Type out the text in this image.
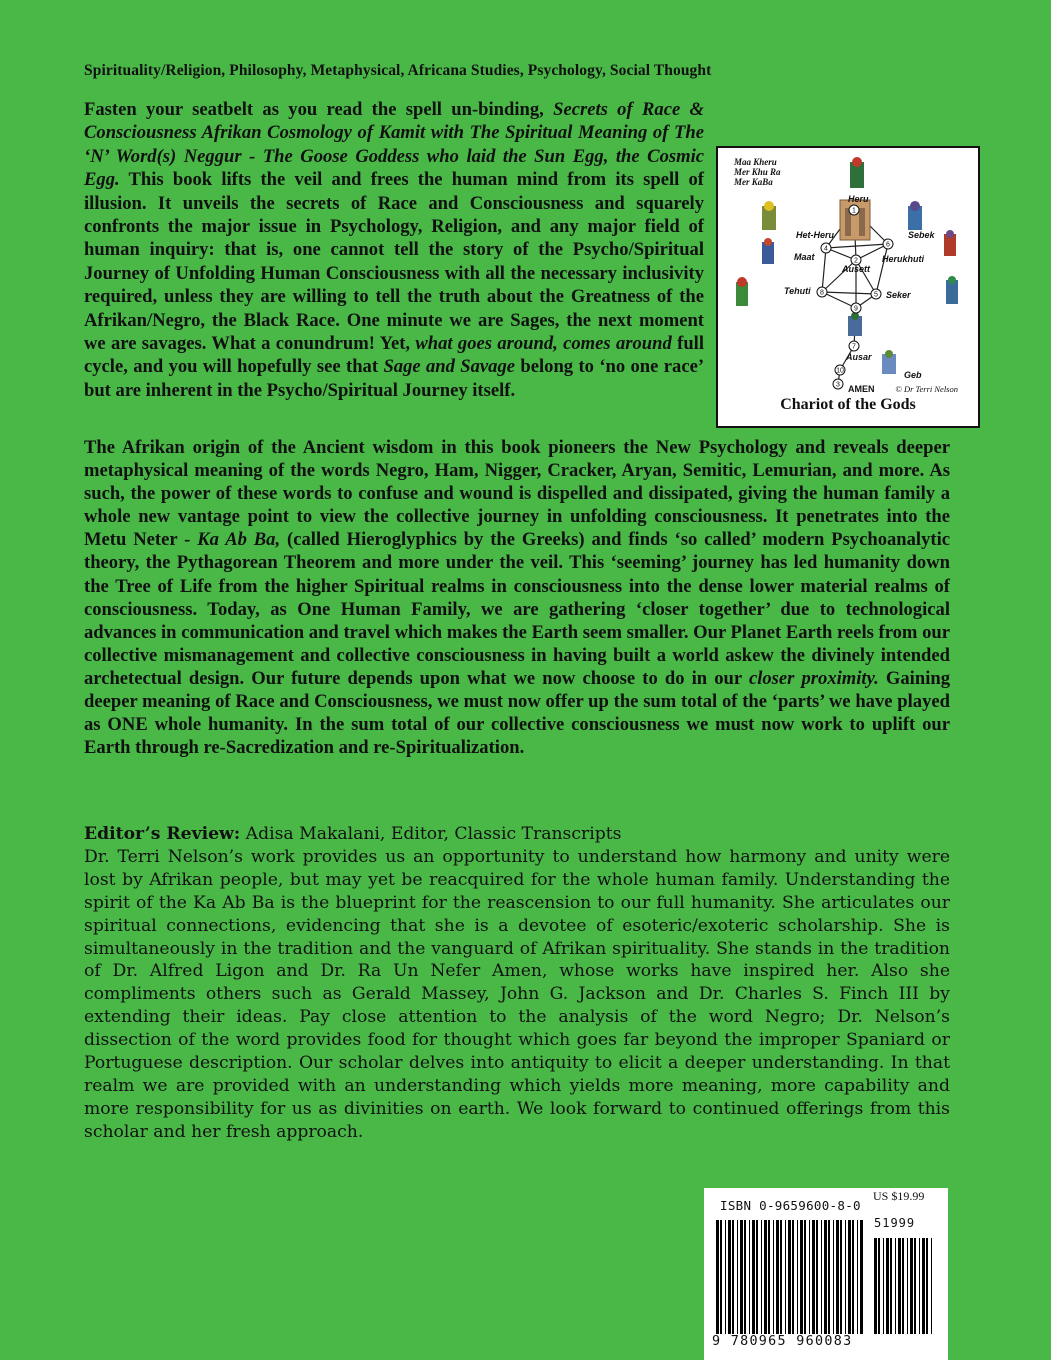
Spirituality/Religion, Philosophy, Metaphysical, Africana Studies, Psychology, Social Thought
Fasten your seatbelt as you read the spell un-binding, Secrets of Race & Consciousness Afrikan Cosmology of Kamit with The Spiritual Meaning of The ‘N’ Word(s) Neggur - The Goose Goddess who laid the Sun Egg, the Cosmic Egg. This book lifts the veil and frees the human mind from its spell of illusion. It unveils the secrets of Race and Consciousness and squarely confronts the major issue in Psychology, Religion, and any major field of human inquiry: that is, one cannot tell the story of the Psycho/Spiritual Journey of Unfolding Human Consciousness with all the necessary inclusivity required, unless they are willing to tell the truth about the Greatness of the Afrikan/Negro, the Black Race. One minute we are Sages, the next moment we are savages. What a conundrum! Yet, what goes around, comes around full cycle, and you will hopefully see that Sage and Savage belong to ‘no one race’ but are inherent in the Psycho/Spiritual Journey itself.
1
4
6
2
8	5
9
7
10
3
Maa Kheru
Mer Khu Ra
Mer KaBa
Heru
Het-Heru	Sebek
Maat	Herukhuti
Ausett
Tehuti	Seker
Ausar
Geb
AMEN © Dr Terri Nelson
Chariot of the Gods
The Afrikan origin of the Ancient wisdom in this book pioneers the New Psychology and reveals deeper metaphysical meaning of the words Negro, Ham, Nigger, Cracker, Aryan, Semitic, Lemurian, and more. As such, the power of these words to confuse and wound is dispelled and dissipated, giving the human family a whole new vantage point to view the collective journey in unfolding consciousness. It penetrates into the Metu Neter - Ka Ab Ba, (called Hieroglyphics by the Greeks) and finds ‘so called’ modern Psychoanalytic theory, the Pythagorean Theorem and more under the veil. This ‘seeming’ journey has led humanity down the Tree of Life from the higher Spiritual realms in consciousness into the dense lower material realms of consciousness. Today, as One Human Family, we are gathering ‘closer together’ due to technological advances in communication and travel which makes the Earth seem smaller. Our Planet Earth reels from our collective mismanagement and collective consciousness in having built a world askew the divinely intended archetectual design. Our future depends upon what we now choose to do in our closer proximity. Gaining deeper meaning of Race and Consciousness, we must now offer up the sum total of the ‘parts’ we have played as ONE whole humanity. In the sum total of our collective consciousness we must now work to uplift our Earth through re-Sacredization and re-Spiritualization.
Editor’s Review: Adisa Makalani, Editor, Classic Transcripts
Dr. Terri Nelson’s work provides us an opportunity to understand how harmony and unity were lost by Afrikan people, but may yet be reacquired for the whole human family. Understanding the spirit of the Ka Ab Ba is the blueprint for the reascension to our full humanity. She articulates our spiritual connections, evidencing that she is a devotee of esoteric/exoteric scholarship. She is simultaneously in the tradition and the vanguard of Afrikan spirituality. She stands in the tradition of Dr. Alfred Ligon and Dr. Ra Un Nefer Amen, whose works have inspired her. Also she compliments others such as Gerald Massey, John G. Jackson and Dr. Charles S. Finch III by extending their ideas. Pay close attention to the analysis of the word Negro; Dr. Nelson’s dissection of the word provides food for thought which goes far beyond the improper Spaniard or Portuguese description. Our scholar delves into antiquity to elicit a deeper understanding. In that realm we are provided with an understanding which yields more meaning, more capability and more responsibility for us as divinities on earth. We look forward to continued offerings from this scholar and her fresh approach.
ISBN 0-9659600-8-0
US $19.99
51999
9 780965 960083
